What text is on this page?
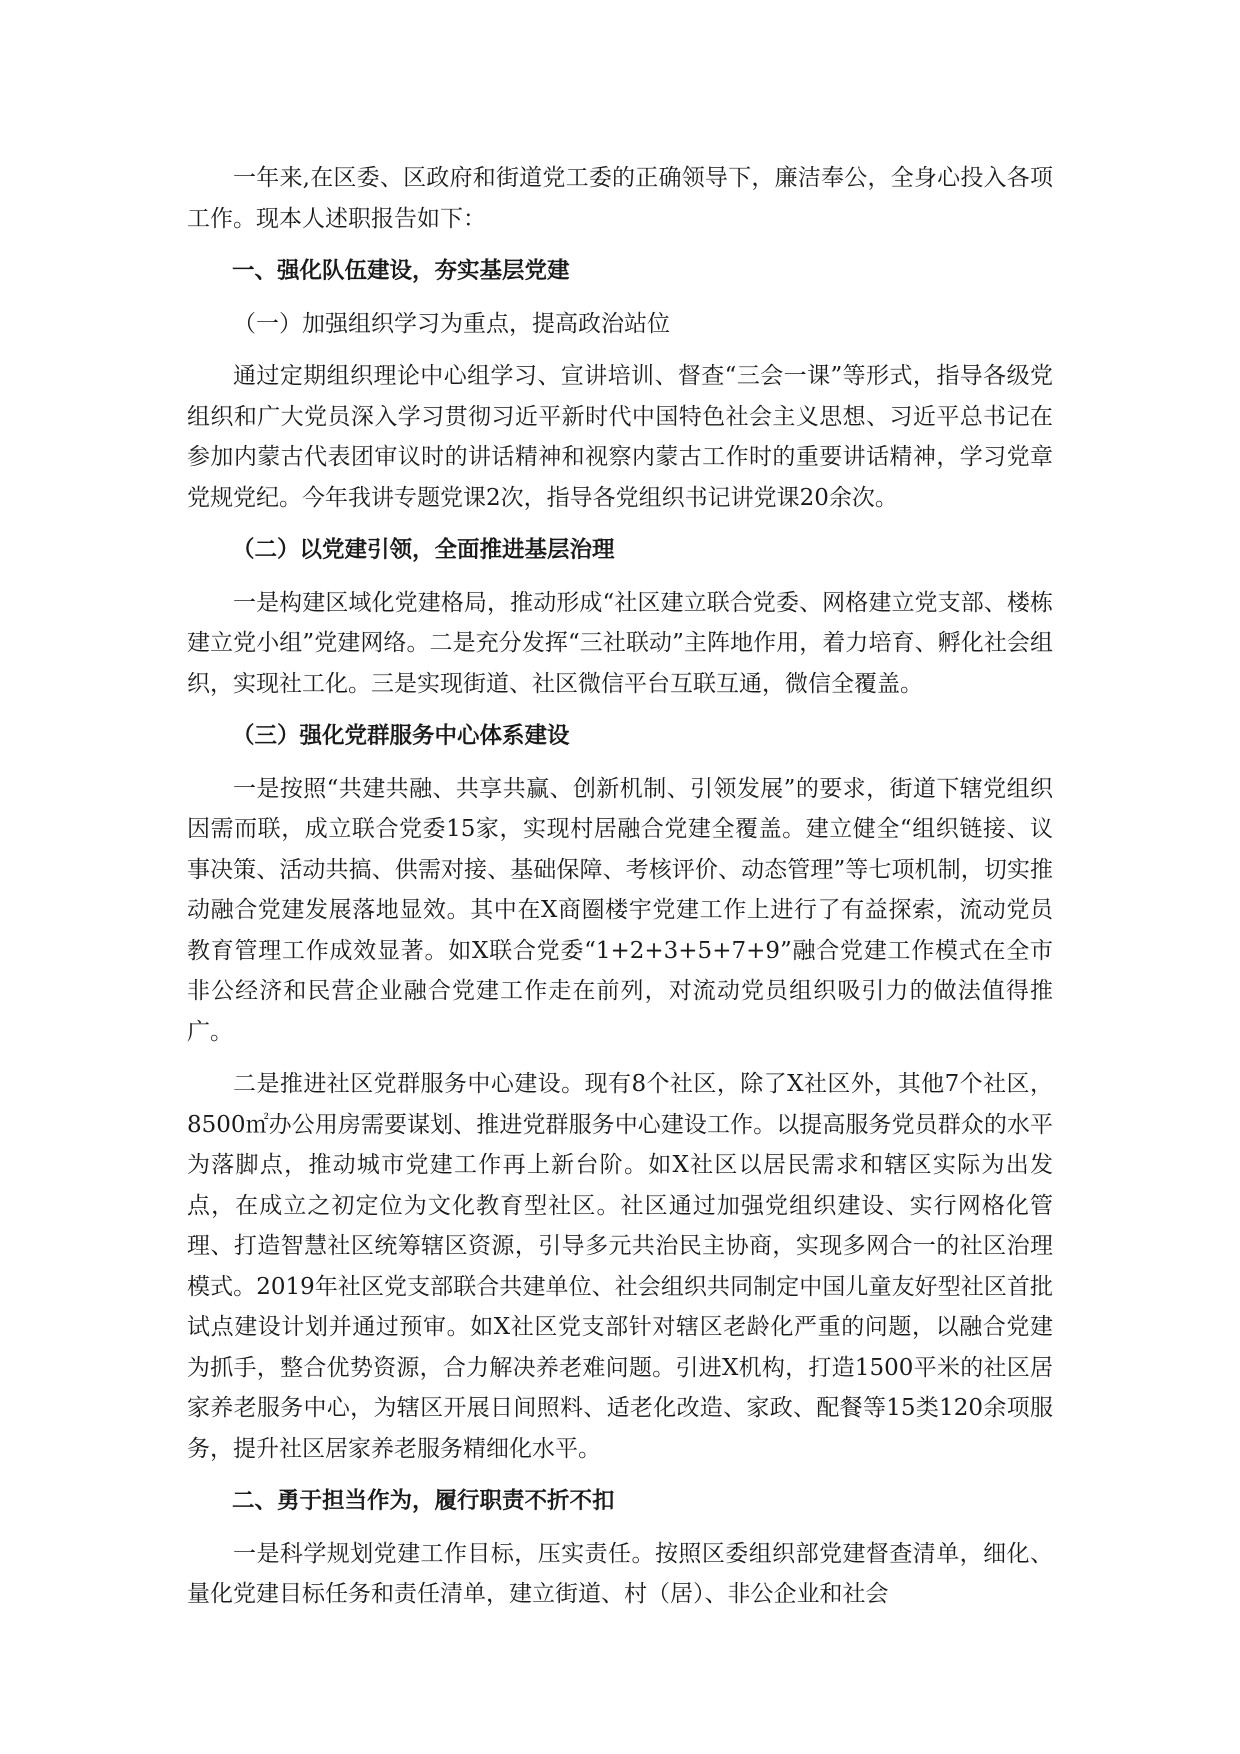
一年来,在区委、区政府和街道党工委的正确领导下，廉洁奉公，全身心投入各项工作。现本人述职报告如下：

一、强化队伍建设，夯实基层党建

（一）加强组织学习为重点，提高政治站位

通过定期组织理论中心组学习、宣讲培训、督查“三会一课”等形式，指导各级党组织和广大党员深入学习贯彻习近平新时代中国特色社会主义思想、习近平总书记在参加内蒙古代表团审议时的讲话精神和视察内蒙古工作时的重要讲话精神，学习党章党规党纪。今年我讲专题党课2次，指导各党组织书记讲党课20余次。

（二）以党建引领，全面推进基层治理

一是构建区域化党建格局，推动形成“社区建立联合党委、网格建立党支部、楼栋建立党小组”党建网络。二是充分发挥“三社联动”主阵地作用，着力培育、孵化社会组织，实现社工化。三是实现街道、社区微信平台互联互通，微信全覆盖。

（三）强化党群服务中心体系建设

一是按照“共建共融、共享共赢、创新机制、引领发展”的要求，街道下辖党组织因需而联，成立联合党委15家，实现村居融合党建全覆盖。建立健全“组织链接、议事决策、活动共搞、供需对接、基础保障、考核评价、动态管理”等七项机制，切实推动融合党建发展落地显效。其中在X商圈楼宇党建工作上进行了有益探索，流动党员教育管理工作成效显著。如X联合党委“1+2+3+5+7+9”融合党建工作模式在全市非公经济和民营企业融合党建工作走在前列，对流动党员组织吸引力的做法值得推广。

二是推进社区党群服务中心建设。现有8个社区，除了X社区外，其他7个社区，8500㎡办公用房需要谋划、推进党群服务中心建设工作。以提高服务党员群众的水平为落脚点，推动城市党建工作再上新台阶。如X社区以居民需求和辖区实际为出发点，在成立之初定位为文化教育型社区。社区通过加强党组织建设、实行网格化管理、打造智慧社区统筹辖区资源，引导多元共治民主协商，实现多网合一的社区治理模式。2019年社区党支部联合共建单位、社会组织共同制定中国儿童友好型社区首批试点建设计划并通过预审。如X社区党支部针对辖区老龄化严重的问题，以融合党建为抓手，整合优势资源，合力解决养老难问题。引进X机构，打造1500平米的社区居家养老服务中心，为辖区开展日间照料、适老化改造、家政、配餐等15类120余项服务，提升社区居家养老服务精细化水平。

二、勇于担当作为，履行职责不折不扣

一是科学规划党建工作目标，压实责任。按照区委组织部党建督查清单，细化、量化党建目标任务和责任清单，建立街道、村（居）、非公企业和社会
